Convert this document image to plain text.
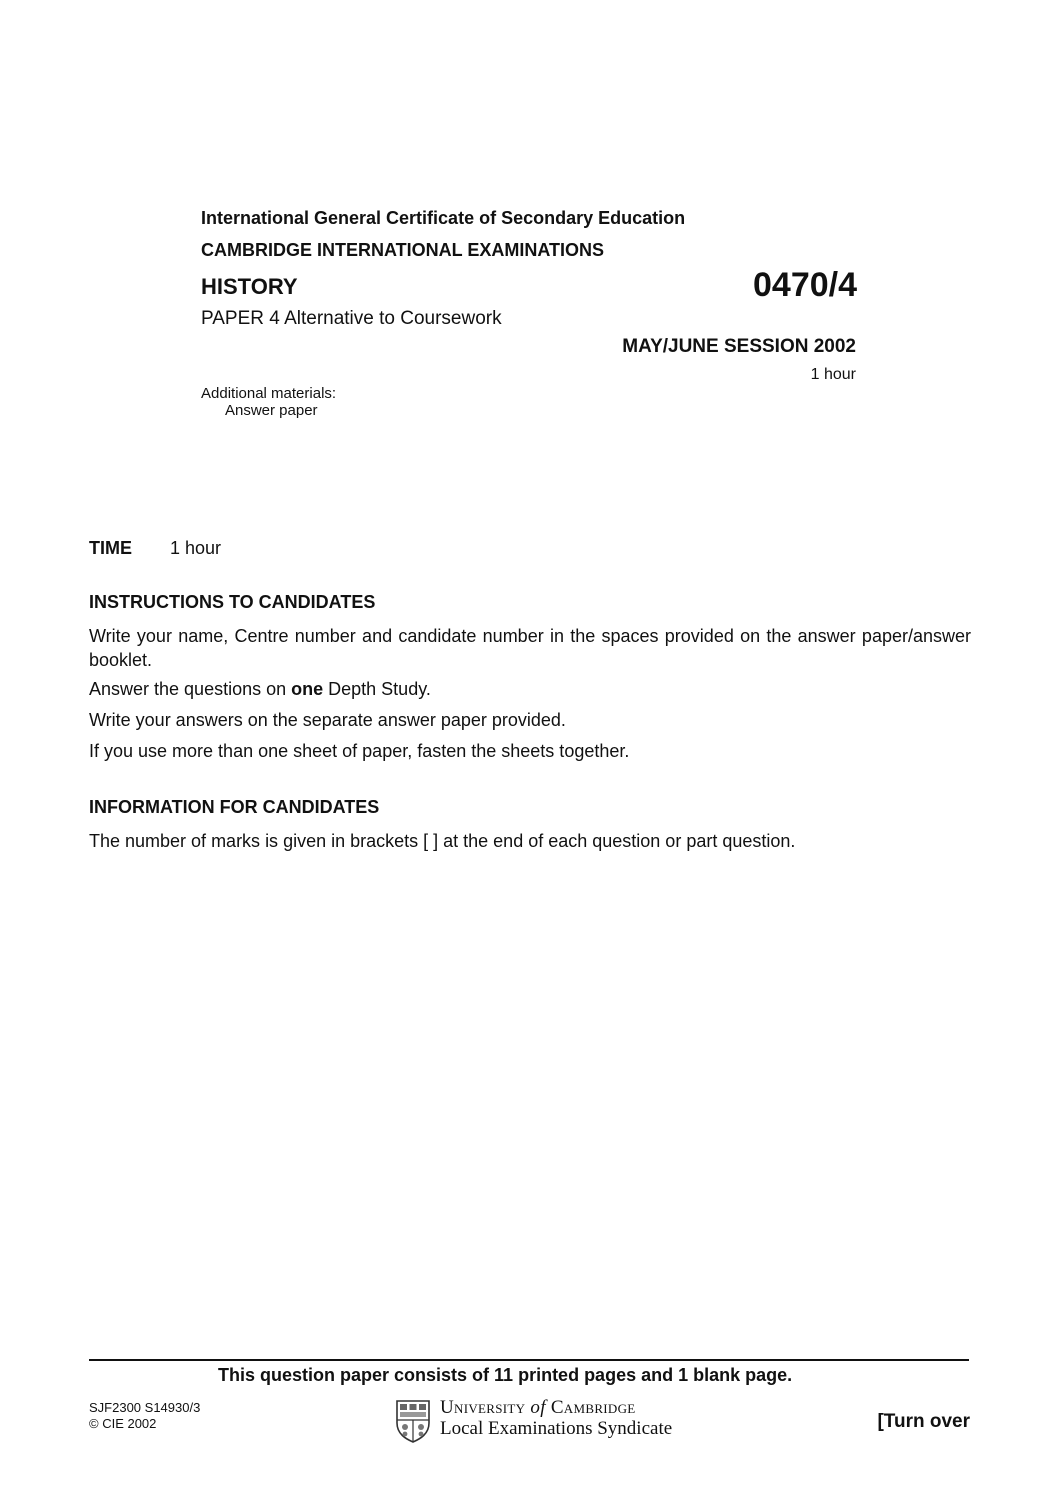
International General Certificate of Secondary Education
CAMBRIDGE INTERNATIONAL EXAMINATIONS
HISTORY	0470/4
PAPER 4 Alternative to Coursework
MAY/JUNE SESSION 2002
1 hour
Additional materials:
Answer paper
TIME 1 hour
INSTRUCTIONS TO CANDIDATES

Write your name, Centre number and candidate number in the spaces provided on the answer paper/answer booklet.

Answer the questions on one Depth Study.

Write your answers on the separate answer paper provided.

If you use more than one sheet of paper, fasten the sheets together.

INFORMATION FOR CANDIDATES

The number of marks is given in brackets [ ] at the end of each question or part question.

This question paper consists of 11 printed pages and 1 blank page.
SJF2300 S14930/3
© CIE 2002
University of Cambridge
Local Examinations Syndicate	[Turn over
